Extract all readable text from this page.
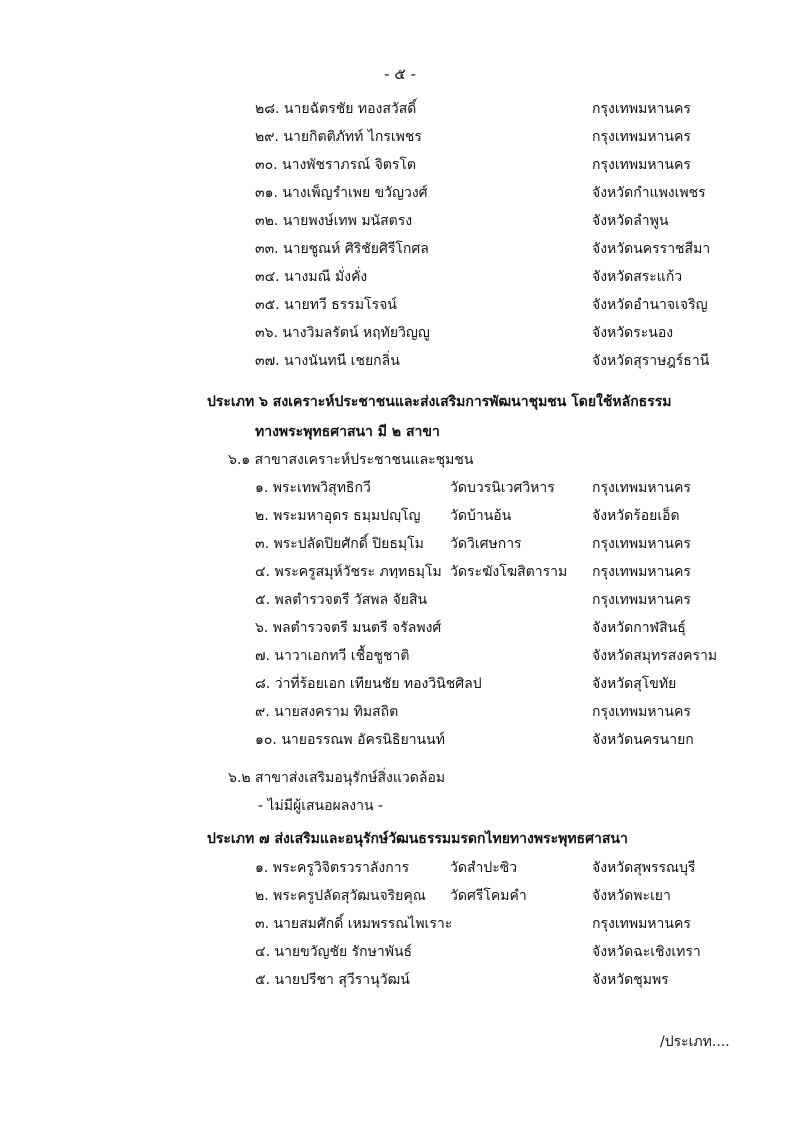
- ๕ -
๒๘. นายฉัตรชัย ทองสวัสดิ์	กรุงเทพมหานคร
๒๙. นายกิตติภัทท์ ไกรเพชร	กรุงเทพมหานคร
๓๐. นางพัชราภรณ์ จิตรโต	กรุงเทพมหานคร
๓๑. นางเพ็ญรำเพย ขวัญวงศ์	จังหวัดกำแพงเพชร
๓๒. นายพงษ์เทพ มนัสตรง	จังหวัดลำพูน
๓๓. นายชูณห์ ศิริชัยศิรีโกศล	จังหวัดนครราชสีมา
๓๔. นางมณี มั่งคั่ง	จังหวัดสระแก้ว
๓๕. นายทวี ธรรมโรจน์	จังหวัดอำนาจเจริญ
๓๖. นางวิมลรัตน์ หฤทัยวิญญู	จังหวัดระนอง
๓๗. นางนันทนี เชยกลิ่น	จังหวัดสุราษฎร์ธานี
ประเภท ๖ สงเคราะห์ประชาชนและส่งเสริมการพัฒนาชุมชน โดยใช้หลักธรรม
ทางพระพุทธศาสนา มี ๒ สาขา
๖.๑ สาขาสงเคราะห์ประชาชนและชุมชน
๑. พระเทพวิสุทธิกวี	วัดบวรนิเวศวิหาร	กรุงเทพมหานคร
๒. พระมหาอุดร ธมฺมปญฺโญ วัดบ้านอ้น	จังหวัดร้อยเอ็ด
๓. พระปลัดปิยศักดิ์ ปิยธมฺโม วัดวิเศษการ	กรุงเทพมหานคร
๔. พระครูสมุห์วัชระ ภทฺทธมฺโม วัดระฆังโฆสิตาราม กรุงเทพมหานคร
๕. พลตำรวจตรี วัสพล จัยสิน	กรุงเทพมหานคร
๖. พลตำรวจตรี มนตรี จรัลพงศ์	จังหวัดกาฬสินธุ์
๗. นาวาเอกทวี เชื้อชูชาติ	จังหวัดสมุทรสงคราม
๘. ว่าที่ร้อยเอก เทียนชัย ทองวินิชศิลป	จังหวัดสุโขทัย
๙. นายสงคราม ทิมสถิต	กรุงเทพมหานคร
๑๐. นายอรรณพ อัครนิธิยานนท์	จังหวัดนครนายก
๖.๒ สาขาส่งเสริมอนุรักษ์สิ่งแวดล้อม
- ไม่มีผู้เสนอผลงาน -
ประเภท ๗ ส่งเสริมและอนุรักษ์วัฒนธรรมมรดกไทยทางพระพุทธศาสนา
๑. พระครูวิจิตรวราลังการ	วัดสำปะซิว	จังหวัดสุพรรณบุรี
๒. พระครูปลัดสุวัฒนจริยคุณ วัดศรีโคมคำ	จังหวัดพะเยา
๓. นายสมศักดิ์ เหมพรรณไพเราะ	กรุงเทพมหานคร
๔. นายขวัญชัย รักษาพันธ์	จังหวัดฉะเชิงเทรา
๕. นายปรีชา สุวีรานุวัฒน์	จังหวัดชุมพร
/ประเภท....
